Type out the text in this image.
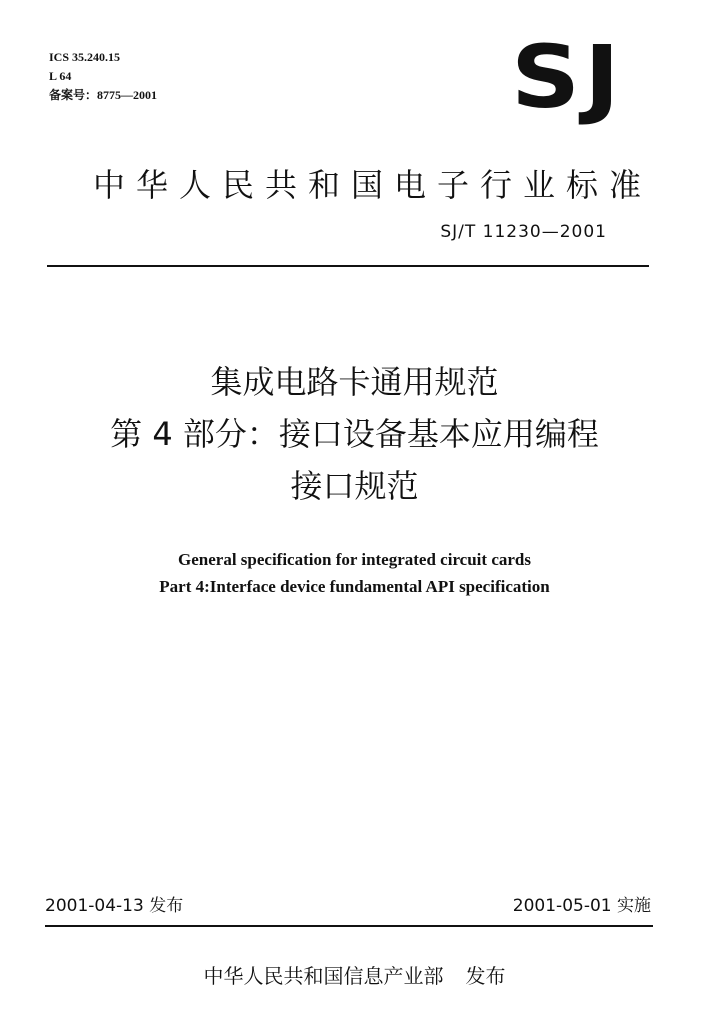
ICS 35.240.15
L 64
备案号：8775—2001	SJ
中华人民共和国电子行业标准
SJ/T 11230—2001
集成电路卡通用规范
第 4 部分：接口设备基本应用编程
接口规范
General specification for integrated circuit cards
Part 4:Interface device fundamental API specification
2001-04-13 发布	2001-05-01 实施
中华人民共和国信息产业部 发布
